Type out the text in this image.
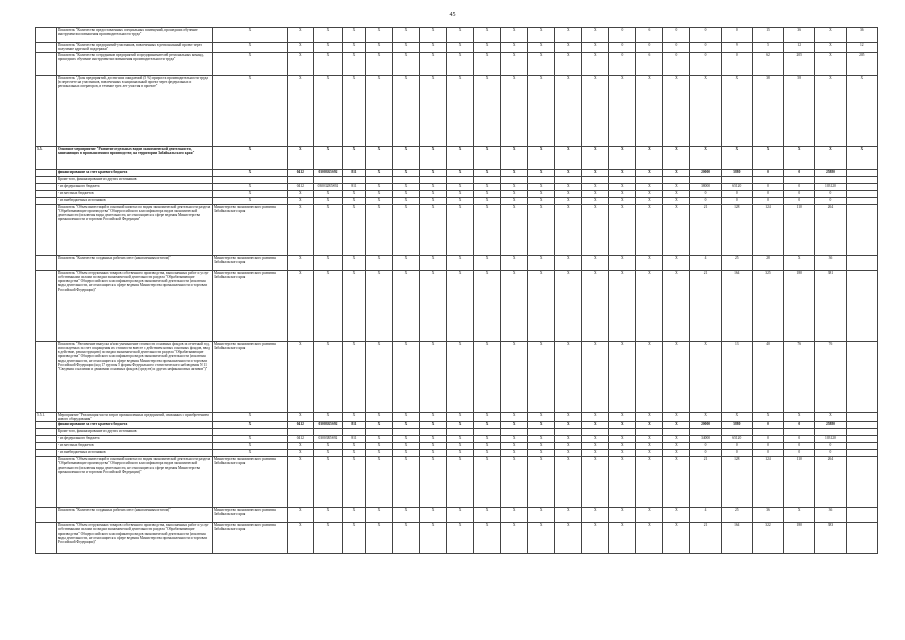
45
	Показатель "Количество предоставленных специальных помещений, прошедших обучение инструментам повышения производительности труда"	X	X	X	X	X	X	X	X	X	X	X	X	X	0	6	0	0	0	15	36	X	36
	Показатель "Количество предприятий-участников, вовлеченных в региональный проект через получение адресной поддержки"	X	X	X	X	X	X	X	X	X	X	X	X	X	0	0	0	0	9	5	12	X	12
	Показатель "Количество сотрудников предприятий и предпринимателей региональных команд, прошедших обучение инструментам повышения производительности труда"	X	X	X	X	X	X	X	X	X	X	X	X	X	0	6	0	0	0	62	205	X	205
	Показатель "Доля предприятий, достигших ожидаемой (5 %) прироста производительности труда (в пересчете на участников, вовлеченных в национальный проект через федеральных и региональных операторов, в течение трех лет участия в проекте"	X	X	X	X	X	X	X	X	X	X	X	X	X	X	X	X	X	X	38	58	X	X
5.5.	Основное мероприятие "Развитие отдельных видов экономической деятельности, занимающих в промышленном производстве, на территории Забайкальского края"	X	X	X	X	X	X	X	X	X	X	X	X	X	X	X	X	X	X	X	X	X	X
	финансирование за счет краевого бюджета	X	0412	03003R5S92	811	X	X	X	X	X	X	X	X	X	X	X	X	20000	5880	0	0	25880	
	Кроме того, финансирование из других источников:																						
	- из федерального бюджета	X	0412	030032R5S92	811	X	X	X	X	X	X	X	X	X	X	X	X	38000	65120	0	0	103120	
	- из местных бюджетов	X	X	X	X	X	X	X	X	X	X	X	X	X	X	X	X	0	0	0	0	0	
	- из внебюджетных источников	X	X	X	X	X	X	X	X	X	X	X	X	X	X	X	X	0	0	0	0	0	
	Показатель "Объем инвестиций в основной капитал по видам экономической деятельности раздела "Обрабатывающие производства" Общероссийского классификатора видов экономической деятельности (исключая виды деятельности, не относящиеся к сфере ведения Министерства промышленности и торговли Российской Федерации"	Министерство экономического развития Забайкальского края	X	X	X	X	X	X	X	X	X	X	X	X	X	X	X	21	128	124	110	264	
	Показатель "Количество созданных рабочих мест (накопленным итогом)"	Министерство экономического развития Забайкальского края	X	X	X	X	X	X	X	X	X	X	X	X	X	X	X	4	25	28	X	36	
	Показатель "Объем отгруженных товаров собственного производства, выполненных работ и услуг собственными силами по видам экономической деятельности раздела "Обрабатывающие производства" Общероссийского классификатора видов экономической деятельности (исключая виды деятельности, не относящиеся к сфере ведения Министерства промышленности и торговли Российской Федерации)"	Министерство экономического развития Забайкальского края	X	X	X	X	X	X	X	X	X	X	X	X	X	X	X	21	164	325	180	381	
	Показатель "Увеличение выпуска и/или уменьшение стоимости основных фондов за отчетный год, используемых за счет сокращения их стоимости вместе с действием новых основных фондов, ввод в действие, реконструкцию) по видам экономической деятельности раздела "Обрабатывающие производства" Общероссийского классификатора видов экономической деятельности (исключая виды деятельности, не относящиеся к сфере ведения Министерства промышленности и торговли Российской Федерации (код 17 группы 5 формы Федерального статистического наблюдения N 11 "Сведения о наличии и движении основных фондов (средств) и других нефинансовых активов")"	Министерство экономического развития Забайкальского края	X	X	X	X	X	X	X	X	X	X	X	X	X	X	X	X	13	40	76	76	
5.5.1.	Мероприятие "Реализация части затрат промышленных предприятий, связанных с приобретением нового оборудования"	X	X	X	X	X	X	X	X	X	X	X	X	X	X	X	X	X	X	X	X	X	
	финансирование за счет краевого бюджета	X	0412	03003R5S92	811	X	X	X	X	X	X	X	X	X	X	X	X	20000	5880	0	0	25880	
	Кроме того, финансирование из других источников:																						
	- из федерального бюджета	X	0412	03003R5S92	811	X	X	X	X	X	X	X	X	X	X	X	X	34000	65120	0	0	103120	
	- из местных бюджетов	X	X	X	X	X	X	X	X	X	X	X	X	X	X	X	X	0	0	0	0	0	
	- из внебюджетных источников	X	X	X	X	X	X	X	X	X	X	X	X	X	X	X	X	0	0	0	0	0	
	Показатель "Объем инвестиций в основной капитал по видам экономической деятельности раздела "Обрабатывающие производства" Общероссийского классификатора видов экономической деятельности (исключая виды деятельности, не относящиеся к сфере ведения Министерства промышленности и торговли Российской Федерации)"	Министерство экономического развития Забайкальского края	X	X	X	X	X	X	X	X	X	X	X	X	X	X	X	21	128	124	110	264	
	Показатель "Количество созданных рабочих мест (накопленным итогом)"	Министерство экономического развития Забайкальского края	X	X	X	X	X	X	X	X	X	X	X	X	X	X	X	4	25	36	X	36	
	Показатель "Объем отгруженных товаров собственного производства, выполненных работ и услуг собственными силами по видам экономической деятельности раздела "Обрабатывающие производства" Общероссийского классификатора видов экономической деятельности (исключая виды деятельности, не относящиеся к сфере ведения Министерства промышленности и торговли Российской Федерации)"	Министерство экономического развития Забайкальского края	X	X	X	X	X	X	X	X	X	X	X	X	X	X	X	21	164	322	180	383	
